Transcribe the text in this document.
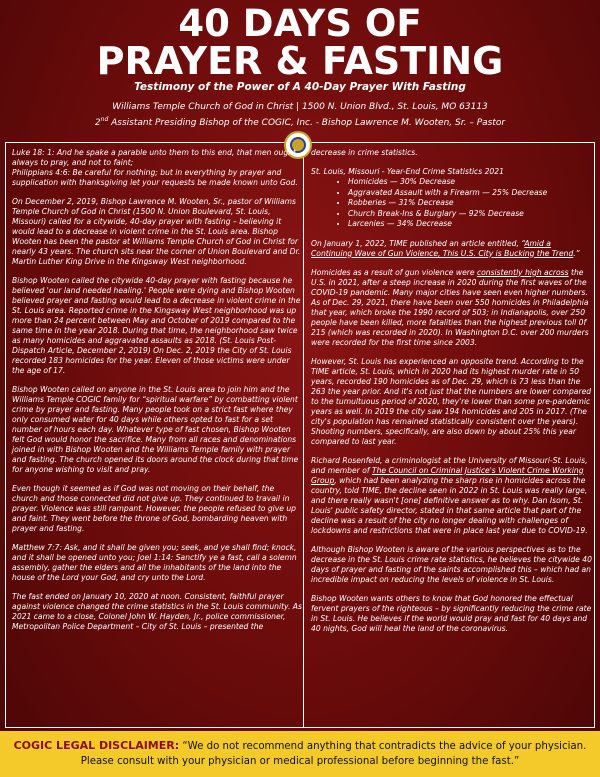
40 DAYS OF
PRAYER & FASTING
Testimony of the Power of A 40-Day Prayer With Fasting
Williams Temple Church of God in Christ | 1500 N. Union Blvd., St. Louis, MO 63113
2nd Assistant Presiding Bishop of the COGIC, Inc. - Bishop Lawrence M. Wooten, Sr. – Pastor

Luke 18: 1: And he spake a parable unto them to this end, that men ought always to pray, and not to faint;

Philippians 4:6: Be careful for nothing; but in everything by prayer and supplication with thanksgiving let your requests be made known unto God.

On December 2, 2019, Bishop Lawrence M. Wooten, Sr., pastor of Williams Temple Church of God in Christ (1500 N. Union Boulevard, St. Louis, Missouri) called for a citywide, 40-day prayer with fasting – believing it would lead to a decrease in violent crime in the St. Louis area. Bishop Wooten has been the pastor at Williams Temple Church of God in Christ for nearly 43 years. The church sits near the corner of Union Boulevard and Dr. Martin Luther King Drive in the Kingsway West neighborhood.

Bishop Wooten called the citywide 40-day prayer with fasting because he believed 'our land needed healing.' People were dying and Bishop Wooten believed prayer and fasting would lead to a decrease in violent crime in the St. Louis area. Reported crime in the Kingsway West neighborhood was up more than 24 percent between May and October of 2019 compared to the same time in the year 2018. During that time, the neighborhood saw twice as many homicides and aggravated assaults as 2018. (St. Louis Post-Dispatch Article, December 2, 2019) On Dec. 2, 2019 the City of St. Louis recorded 183 homicides for the year. Eleven of those victims were under the age of 17.

Bishop Wooten called on anyone in the St. Louis area to join him and the Williams Temple COGIC family for “spiritual warfare” by combatting violent crime by prayer and fasting. Many people took on a strict fast where they only consumed water for 40 days while others opted to fast for a set number of hours each day. Whatever type of fast chosen, Bishop Wooten felt God would honor the sacrifice. Many from all races and denominations joined in with Bishop Wooten and the Williams Temple family with prayer and fasting. The church opened its doors around the clock during that time for anyone wishing to visit and pray.

Even though it seemed as if God was not moving on their behalf, the church and those connected did not give up. They continued to travail in prayer. Violence was still rampant. However, the people refused to give up and faint. They went before the throne of God, bombarding heaven with prayer and fasting.

Matthew 7:7: Ask, and it shall be given you; seek, and ye shall find; knock, and it shall be opened unto you; Joel 1:14: Sanctify ye a fast, call a solemn assembly, gather the elders and all the inhabitants of the land into the house of the Lord your God, and cry unto the Lord.

The fast ended on January 10, 2020 at noon. Consistent, faithful prayer against violence changed the crime statistics in the St. Louis community. As 2021 came to a close, Colonel John W. Hayden, Jr., police commissioner, Metropolitan Police Department – City of St. Louis – presented the

decrease in crime statistics.

St. Louis, Missouri - Year-End Crime Statistics 2021

• Homicides — 30% Decrease
• Aggravated Assault with a Firearm — 25% Decrease
• Robberies — 31% Decrease
• Church Break-Ins & Burglary — 92% Decrease
• Larcenies — 34% Decrease

On January 1, 2022, TIME published an article entitled, “Amid a Continuing Wave of Gun Violence, This U.S. City is Bucking the Trend.”

Homicides as a result of gun violence were consistently high across the U.S. in 2021, after a steep increase in 2020 during the first waves of the COVID-19 pandemic. Many major cities have seen even higher numbers. As of Dec. 29, 2021, there have been over 550 homicides in Philadelphia that year, which broke the 1990 record of 503; in Indianapolis, over 250 people have been killed, more fatalities than the highest previous toll 0f 215 (which was recorded in 2020). In Washington D.C. over 200 murders were recorded for the first time since 2003.

However, St. Louis has experienced an opposite trend. According to the TIME article, St. Louis, which in 2020 had its highest murder rate in 50 years, recorded 190 homicides as of Dec. 29, which is 73 less than the 263 the year prior. And it's not just that the numbers are lower compared to the tumultuous period of 2020, they're lower than some pre-pandemic years as well. In 2019 the city saw 194 homicides and 205 in 2017. (The city's population has remained statistically consistent over the years). Shooting numbers, specifically, are also down by about 25% this year compared to last year.

Richard Rosenfeld, a criminologist at the University of Missouri-St. Louis, and member of The Council on Criminal Justice's Violent Crime Working Group, which had been analyzing the sharp rise in homicides across the country, told TIME, the decline seen in 2022 in St. Louis was really large, and there really wasn't [one] definitive answer as to why. Dan Isom, St. Louis' public safety director, stated in that same article that part of the decline was a result of the city no longer dealing with challenges of lockdowns and restrictions that were in place last year due to COVID-19.

Although Bishop Wooten is aware of the various perspectives as to the decrease in the St. Louis crime rate statistics, he believes the citywide 40 days of prayer and fasting of the saints accomplished this – which had an incredible impact on reducing the levels of violence in St. Louis.

Bishop Wooten wants others to know that God honored the effectual fervent prayers of the righteous – by significantly reducing the crime rate in St. Louis. He believes if the world would pray and fast for 40 days and 40 nights, God will heal the land of the coronavirus.

COGIC LEGAL DISCLAIMER: “We do not recommend anything that contradicts the advice of your physician.
Please consult with your physician or medical professional before beginning the fast.”
